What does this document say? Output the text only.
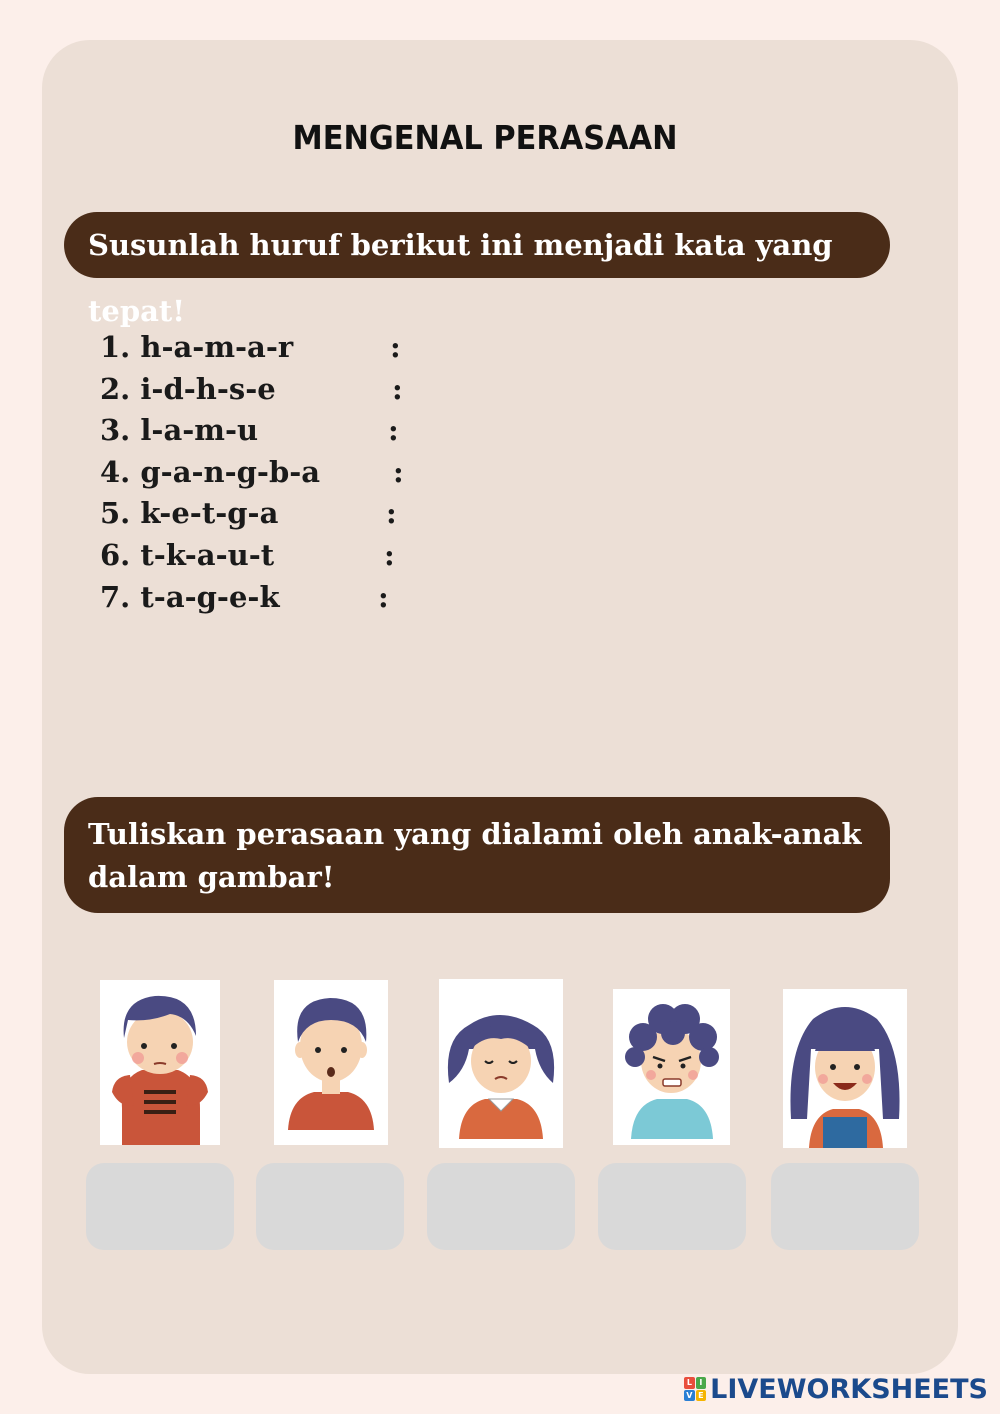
MENGENAL PERASAAN
Susunlah huruf berikut ini menjadi kata yang tepat!
1. h-a-m-a-r	:
2. i-d-h-s-e	:
3. l-a-m-u	:
4. g-a-n-g-b-a	:
5. k-e-t-g-a	:
6. t-k-a-u-t	:
7. t-a-g-e-k	:
Tuliskan perasaan yang dialami oleh anak-anak
dalam gambar!
L I
V E LIVEWORKSHEETS
